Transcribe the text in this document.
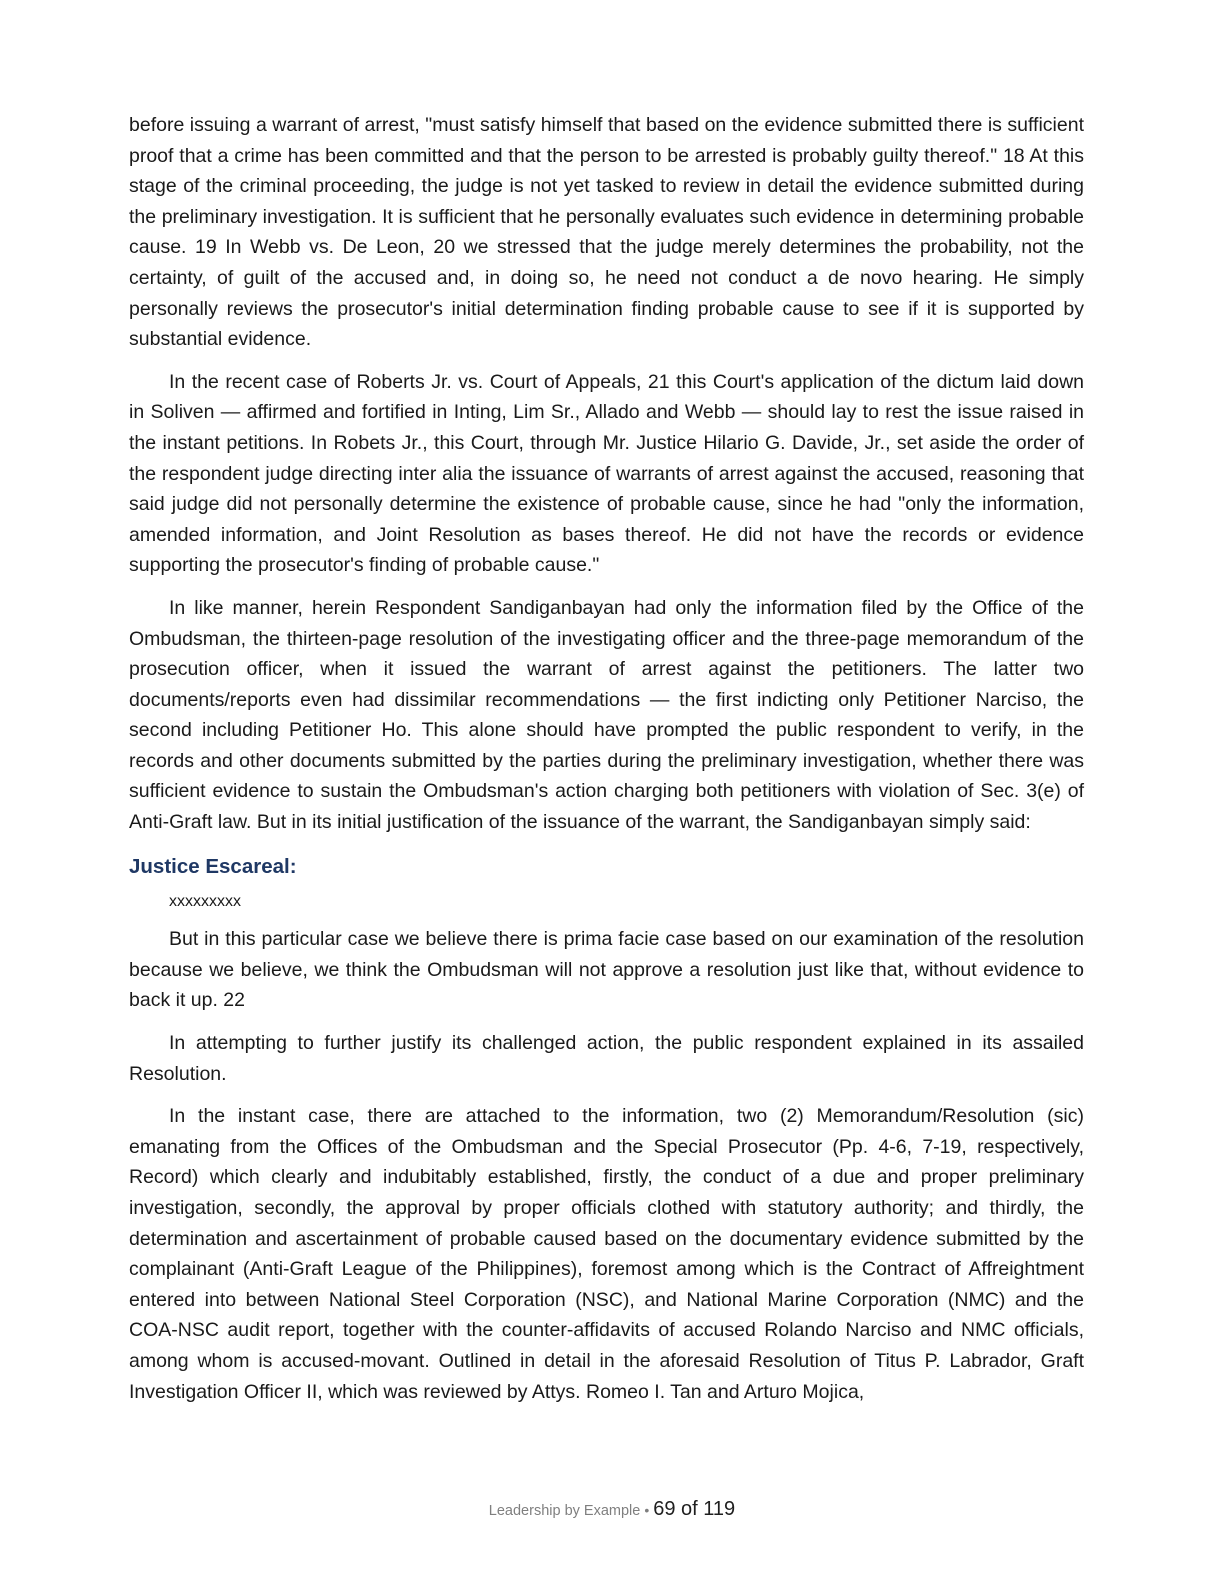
before issuing a warrant of arrest, "must satisfy himself that based on the evidence submitted there is sufficient proof that a crime has been committed and that the person to be arrested is probably guilty thereof." 18 At this stage of the criminal proceeding, the judge is not yet tasked to review in detail the evidence submitted during the preliminary investigation. It is sufficient that he personally evaluates such evidence in determining probable cause. 19 In Webb vs. De Leon, 20 we stressed that the judge merely determines the probability, not the certainty, of guilt of the accused and, in doing so, he need not conduct a de novo hearing. He simply personally reviews the prosecutor's initial determination finding probable cause to see if it is supported by substantial evidence.

In the recent case of Roberts Jr. vs. Court of Appeals, 21 this Court's application of the dictum laid down in Soliven — affirmed and fortified in Inting, Lim Sr., Allado and Webb — should lay to rest the issue raised in the instant petitions. In Robets Jr., this Court, through Mr. Justice Hilario G. Davide, Jr., set aside the order of the respondent judge directing inter alia the issuance of warrants of arrest against the accused, reasoning that said judge did not personally determine the existence of probable cause, since he had "only the information, amended information, and Joint Resolution as bases thereof. He did not have the records or evidence supporting the prosecutor's finding of probable cause."

In like manner, herein Respondent Sandiganbayan had only the information filed by the Office of the Ombudsman, the thirteen-page resolution of the investigating officer and the three-page memorandum of the prosecution officer, when it issued the warrant of arrest against the petitioners. The latter two documents/reports even had dissimilar recommendations — the first indicting only Petitioner Narciso, the second including Petitioner Ho. This alone should have prompted the public respondent to verify, in the records and other documents submitted by the parties during the preliminary investigation, whether there was sufficient evidence to sustain the Ombudsman's action charging both petitioners with violation of Sec. 3(e) of Anti-Graft law. But in its initial justification of the issuance of the warrant, the Sandiganbayan simply said:

Justice Escareal:
xxxxxxxxx

But in this particular case we believe there is prima facie case based on our examination of the resolution because we believe, we think the Ombudsman will not approve a resolution just like that, without evidence to back it up. 22

In attempting to further justify its challenged action, the public respondent explained in its assailed Resolution.

In the instant case, there are attached to the information, two (2) Memorandum/Resolution (sic) emanating from the Offices of the Ombudsman and the Special Prosecutor (Pp. 4-6, 7-19, respectively, Record) which clearly and indubitably established, firstly, the conduct of a due and proper preliminary investigation, secondly, the approval by proper officials clothed with statutory authority; and thirdly, the determination and ascertainment of probable caused based on the documentary evidence submitted by the complainant (Anti-Graft League of the Philippines), foremost among which is the Contract of Affreightment entered into between National Steel Corporation (NSC), and National Marine Corporation (NMC) and the COA-NSC audit report, together with the counter-affidavits of accused Rolando Narciso and NMC officials, among whom is accused-movant. Outlined in detail in the aforesaid Resolution of Titus P. Labrador, Graft Investigation Officer II, which was reviewed by Attys. Romeo I. Tan and Arturo Mojica,

Leadership by Example • 69 of 119
